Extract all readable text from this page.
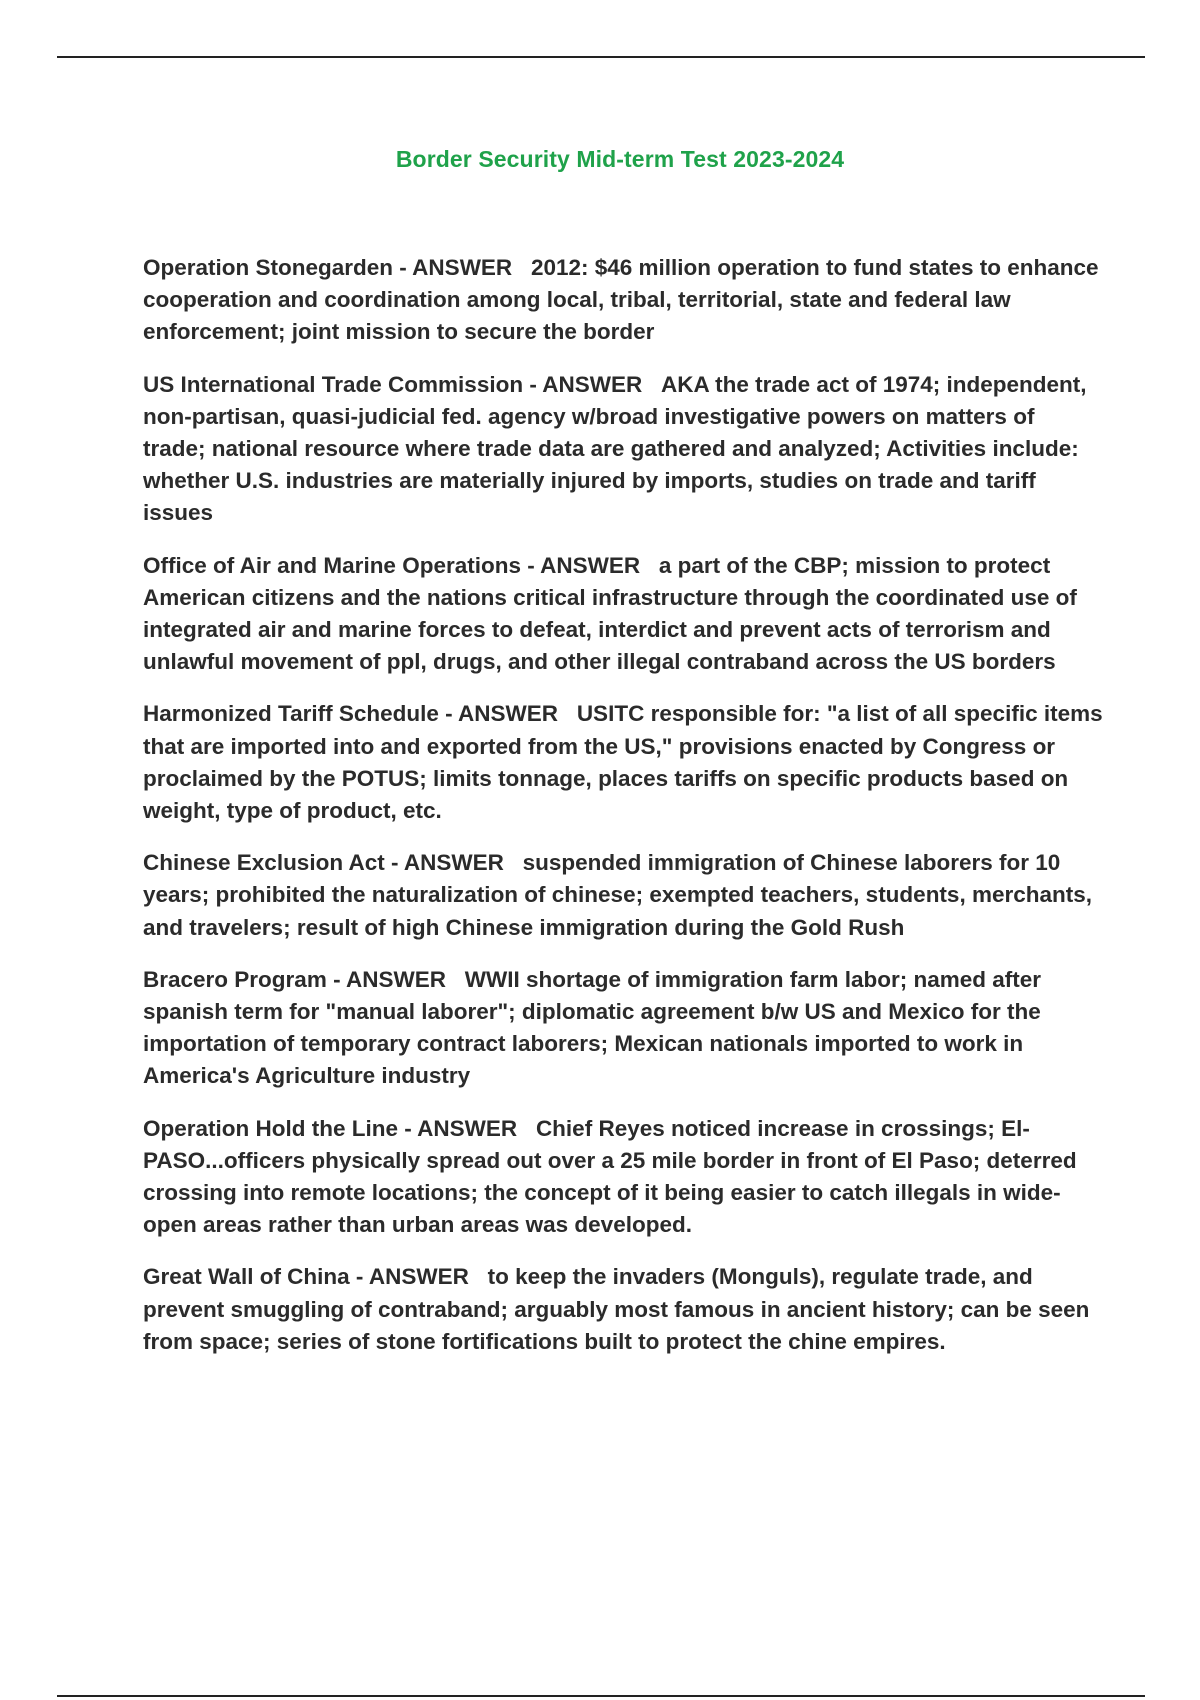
Border Security Mid-term Test 2023-2024

Operation Stonegarden - ANSWER 2012: $46 million operation to fund states to enhance cooperation and coordination among local, tribal, territorial, state and federal law enforcement; joint mission to secure the border

US International Trade Commission - ANSWER AKA the trade act of 1974; independent, non-partisan, quasi-judicial fed. agency w/broad investigative powers on matters of trade; national resource where trade data are gathered and analyzed; Activities include: whether U.S. industries are materially injured by imports, studies on trade and tariff issues

Office of Air and Marine Operations - ANSWER a part of the CBP; mission to protect American citizens and the nations critical infrastructure through the coordinated use of integrated air and marine forces to defeat, interdict and prevent acts of terrorism and unlawful movement of ppl, drugs, and other illegal contraband across the US borders

Harmonized Tariff Schedule - ANSWER USITC responsible for: "a list of all specific items that are imported into and exported from the US," provisions enacted by Congress or proclaimed by the POTUS; limits tonnage, places tariffs on specific products based on weight, type of product, etc.

Chinese Exclusion Act - ANSWER suspended immigration of Chinese laborers for 10 years; prohibited the naturalization of chinese; exempted teachers, students, merchants, and travelers; result of high Chinese immigration during the Gold Rush

Bracero Program - ANSWER WWII shortage of immigration farm labor; named after spanish term for "manual laborer"; diplomatic agreement b/w US and Mexico for the importation of temporary contract laborers; Mexican nationals imported to work in America's Agriculture industry

Operation Hold the Line - ANSWER Chief Reyes noticed increase in crossings; El-PASO...officers physically spread out over a 25 mile border in front of El Paso; deterred crossing into remote locations; the concept of it being easier to catch illegals in wide-open areas rather than urban areas was developed.

Great Wall of China - ANSWER to keep the invaders (Monguls), regulate trade, and prevent smuggling of contraband; arguably most famous in ancient history; can be seen from space; series of stone fortifications built to protect the chine empires.
